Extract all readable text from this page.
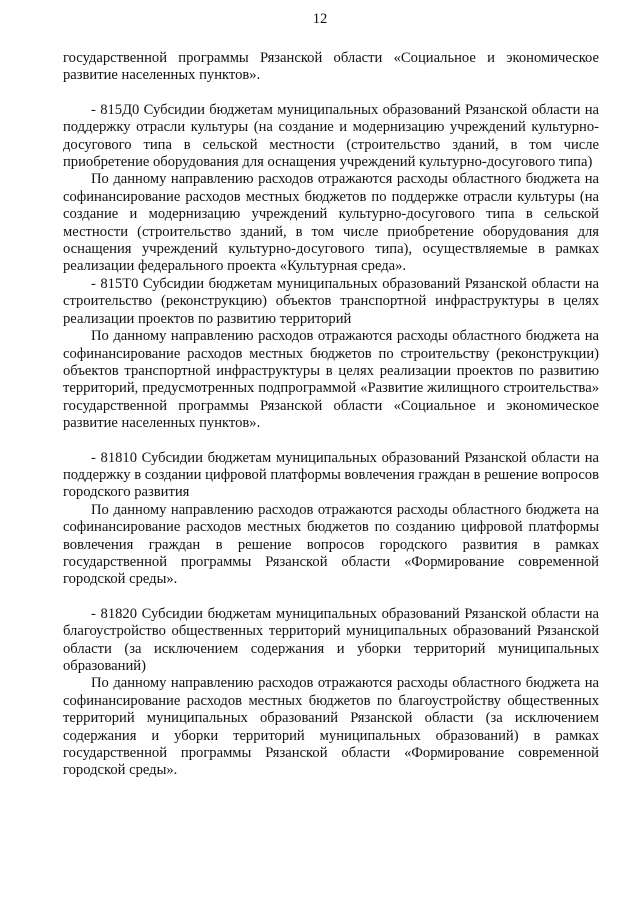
12

государственной программы Рязанской области «Социальное и экономическое развитие населенных пунктов».

- 815Д0 Субсидии бюджетам муниципальных образований Рязанской области на поддержку отрасли культуры (на создание и модернизацию учреждений культурно-досугового типа в сельской местности (строительство зданий, в том числе приобретение оборудования для оснащения учреждений культурно-досугового типа)

По данному направлению расходов отражаются расходы областного бюджета на софинансирование расходов местных бюджетов по поддержке отрасли культуры (на создание и модернизацию учреждений культурно-досугового типа в сельской местности (строительство зданий, в том числе приобретение оборудования для оснащения учреждений культурно-досугового типа), осуществляемые в рамках реализации федерального проекта «Культурная среда».

- 815Т0 Субсидии бюджетам муниципальных образований Рязанской области на строительство (реконструкцию) объектов транспортной инфраструктуры в целях реализации проектов по развитию территорий

По данному направлению расходов отражаются расходы областного бюджета на софинансирование расходов местных бюджетов по строительству (реконструкции) объектов транспортной инфраструктуры в целях реализации проектов по развитию территорий, предусмотренных подпрограммой «Развитие жилищного строительства» государственной программы Рязанской области «Социальное и экономическое развитие населенных пунктов».

- 81810 Субсидии бюджетам муниципальных образований Рязанской области на поддержку в создании цифровой платформы вовлечения граждан в решение вопросов городского развития

По данному направлению расходов отражаются расходы областного бюджета на софинансирование расходов местных бюджетов по созданию цифровой платформы вовлечения граждан в решение вопросов городского развития в рамках государственной программы Рязанской области «Формирование современной городской среды».

- 81820 Субсидии бюджетам муниципальных образований Рязанской области на благоустройство общественных территорий муниципальных образований Рязанской области (за исключением содержания и уборки территорий муниципальных образований)

По данному направлению расходов отражаются расходы областного бюджета на софинансирование расходов местных бюджетов по благоустройству общественных территорий муниципальных образований Рязанской области (за исключением содержания и уборки территорий муниципальных образований) в рамках государственной программы Рязанской области «Формирование современной городской среды».
